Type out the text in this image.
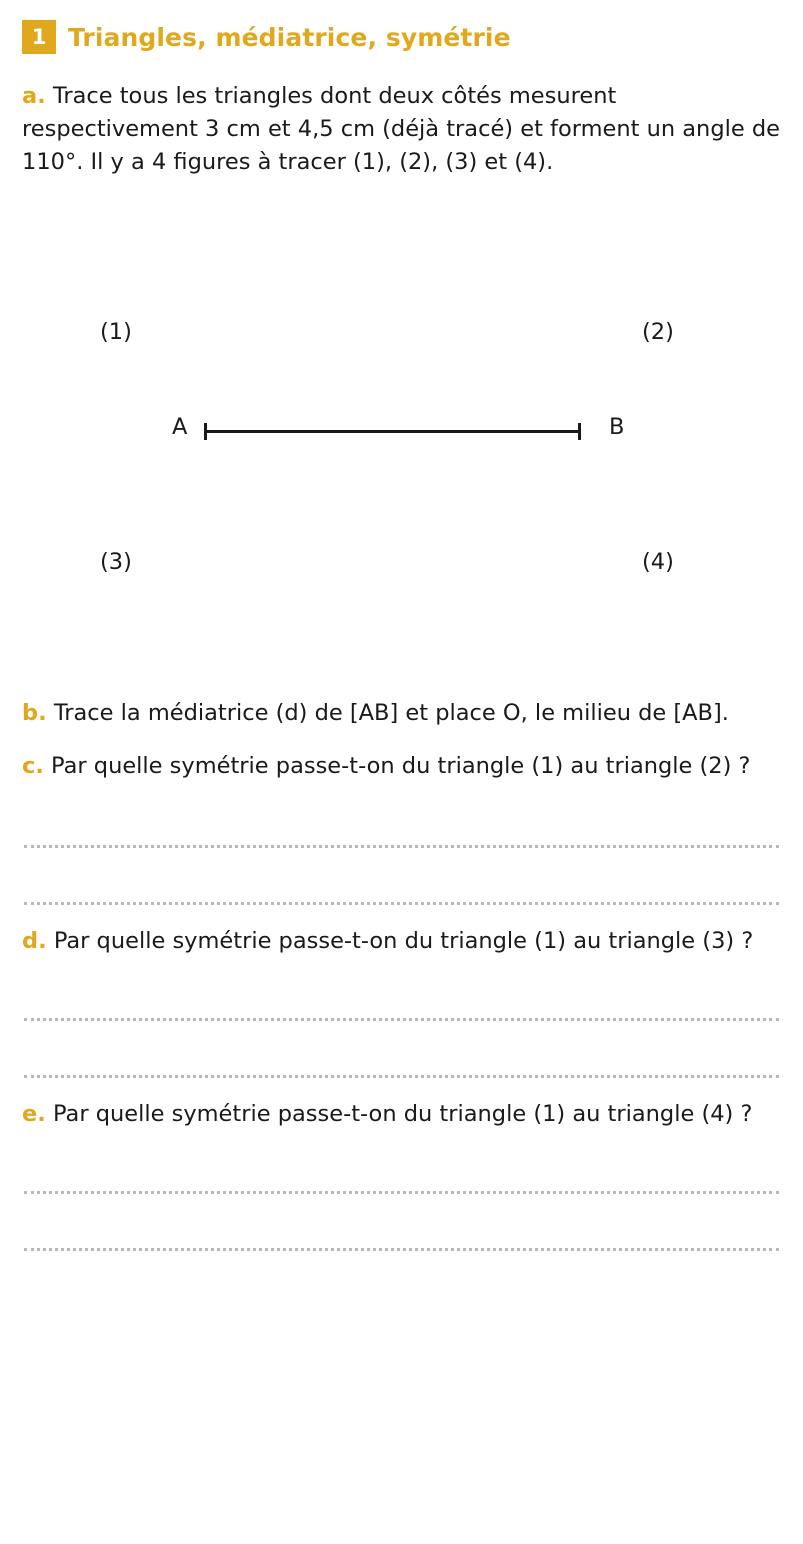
1 Triangles, médiatrice, symétrie
a. Trace tous les triangles dont deux côtés mesurent respectivement 3 cm et 4,5 cm (déjà tracé) et forment un angle de 110°. Il y a 4 figures à tracer (1), (2), (3) et (4).
(1)	(2)
(3)	(4)
A	B
b. Trace la médiatrice (d) de [AB] et place O, le milieu de [AB].
c. Par quelle symétrie passe-t-on du triangle (1) au triangle (2) ?
d. Par quelle symétrie passe-t-on du triangle (1) au triangle (3) ?
e. Par quelle symétrie passe-t-on du triangle (1) au triangle (4) ?
